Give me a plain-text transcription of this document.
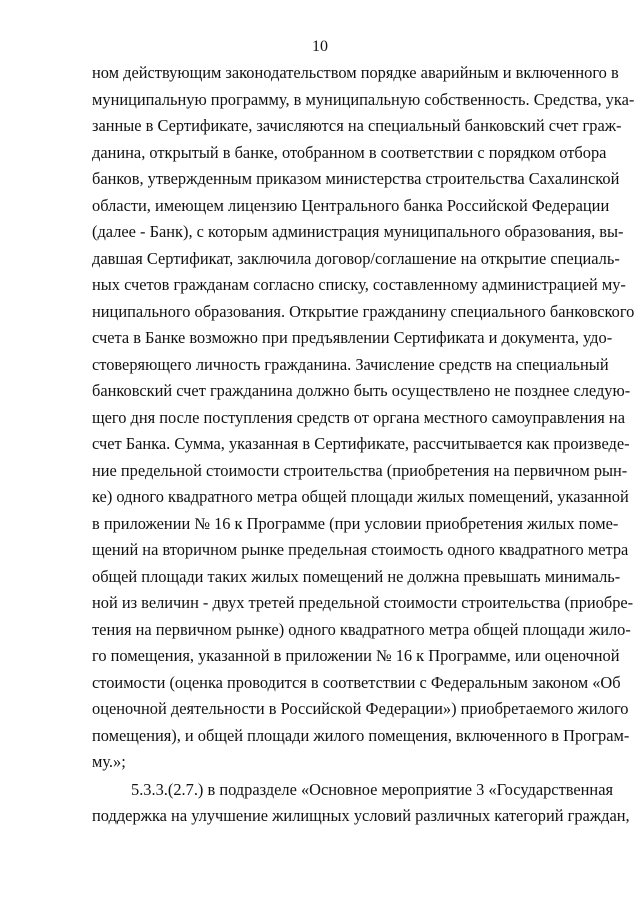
10
ном действующим законодательством порядке аварийным и включенного в
муниципальную программу, в муниципальную собственность. Средства, ука-
занные в Сертификате, зачисляются на специальный банковский счет граж-
данина, открытый в банке, отобранном в соответствии с порядком отбора
банков, утвержденным приказом министерства строительства Сахалинской
области, имеющем лицензию Центрального банка Российской Федерации
(далее - Банк), с которым администрация муниципального образования, вы-
давшая Сертификат, заключила договор/соглашение на открытие специаль-
ных счетов гражданам согласно списку, составленному администрацией му-
ниципального образования. Открытие гражданину специального банковского
счета в Банке возможно при предъявлении Сертификата и документа, удо-
стоверяющего личность гражданина. Зачисление средств на специальный
банковский счет гражданина должно быть осуществлено не позднее следую-
щего дня после поступления средств от органа местного самоуправления на
счет Банка. Сумма, указанная в Сертификате, рассчитывается как произведе-
ние предельной стоимости строительства (приобретения на первичном рын-
ке) одного квадратного метра общей площади жилых помещений, указанной
в приложении № 16 к Программе (при условии приобретения жилых поме-
щений на вторичном рынке предельная стоимость одного квадратного метра
общей площади таких жилых помещений не должна превышать минималь-
ной из величин - двух третей предельной стоимости строительства (приобре-
тения на первичном рынке) одного квадратного метра общей площади жило-
го помещения, указанной в приложении № 16 к Программе, или оценочной
стоимости (оценка проводится в соответствии с Федеральным законом «Об
оценочной деятельности в Российской Федерации») приобретаемого жилого
помещения), и общей площади жилого помещения, включенного в Програм-
му.»;
5.3.3.(2.7.) в подразделе «Основное мероприятие 3 «Государственная
поддержка на улучшение жилищных условий различных категорий граждан,
